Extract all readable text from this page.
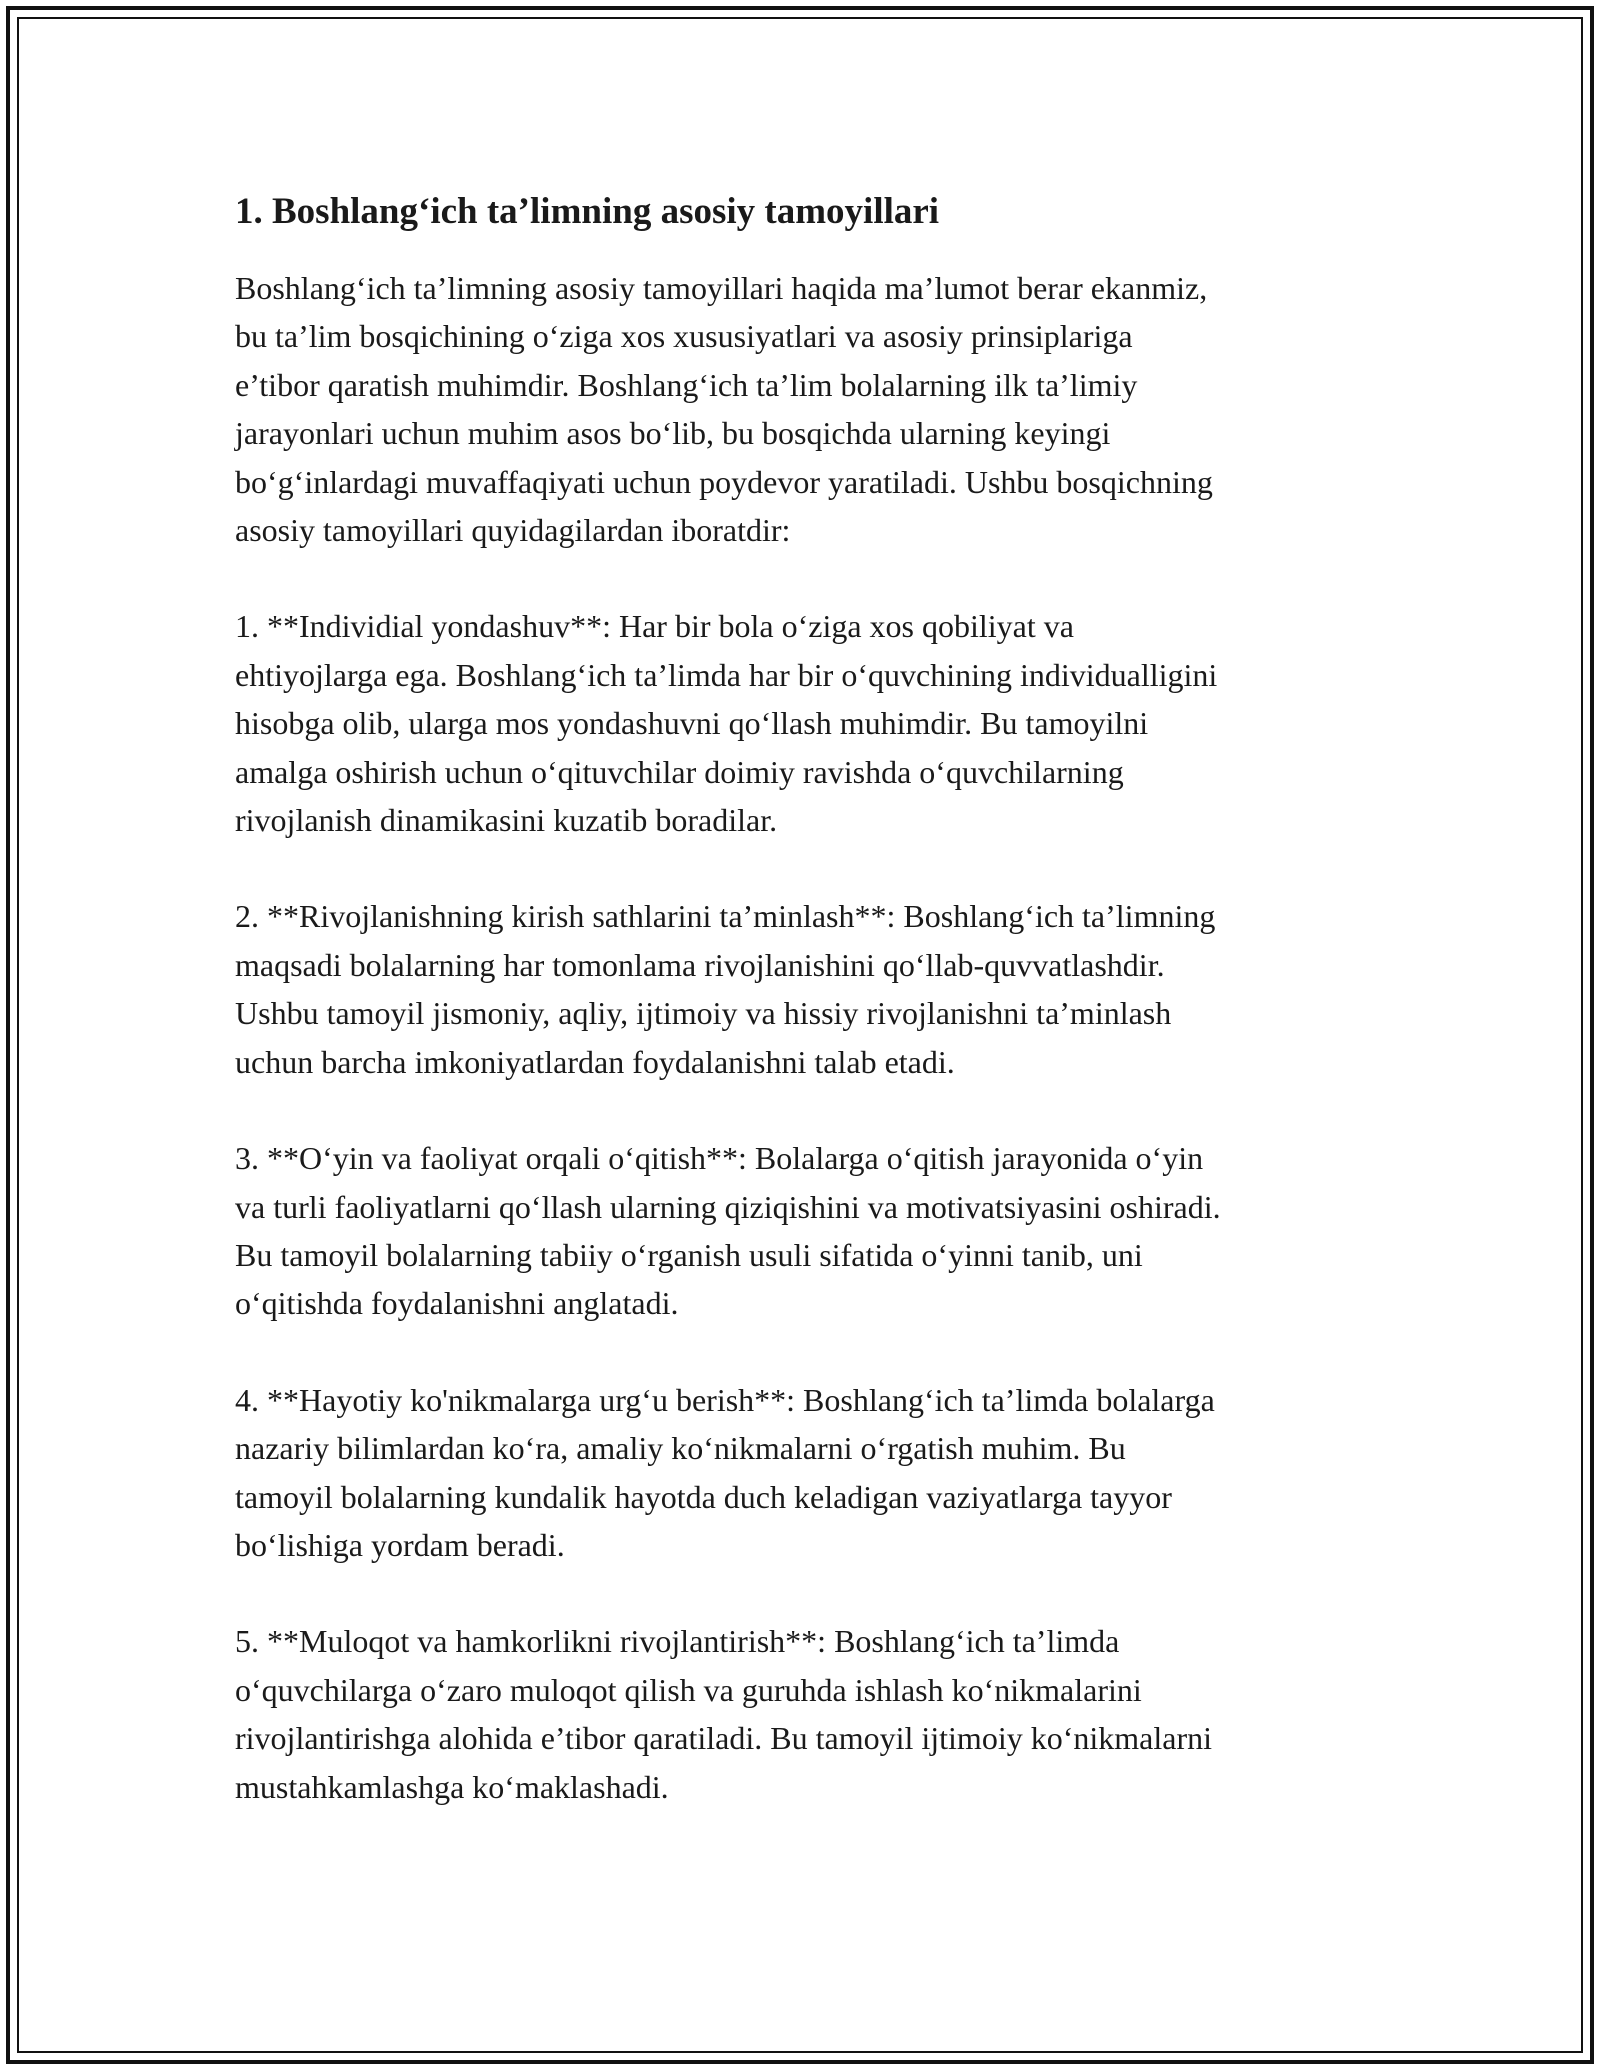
1. Boshlang‘ich ta’limning asosiy tamoyillari

Boshlang‘ich ta’limning asosiy tamoyillari haqida ma’lumot berar ekanmiz,
bu ta’lim bosqichining o‘ziga xos xususiyatlari va asosiy prinsiplariga
e’tibor qaratish muhimdir. Boshlang‘ich ta’lim bolalarning ilk ta’limiy
jarayonlari uchun muhim asos bo‘lib, bu bosqichda ularning keyingi
bo‘g‘inlardagi muvaffaqiyati uchun poydevor yaratiladi. Ushbu bosqichning
asosiy tamoyillari quyidagilardan iboratdir:

1. **Individial yondashuv**: Har bir bola o‘ziga xos qobiliyat va
ehtiyojlarga ega. Boshlang‘ich ta’limda har bir o‘quvchining individualligini
hisobga olib, ularga mos yondashuvni qo‘llash muhimdir. Bu tamoyilni
amalga oshirish uchun o‘qituvchilar doimiy ravishda o‘quvchilarning
rivojlanish dinamikasini kuzatib boradilar.

2. **Rivojlanishning kirish sathlarini ta’minlash**: Boshlang‘ich ta’limning
maqsadi bolalarning har tomonlama rivojlanishini qo‘llab-quvvatlashdir.
Ushbu tamoyil jismoniy, aqliy, ijtimoiy va hissiy rivojlanishni ta’minlash
uchun barcha imkoniyatlardan foydalanishni talab etadi.

3. **O‘yin va faoliyat orqali o‘qitish**: Bolalarga o‘qitish jarayonida o‘yin
va turli faoliyatlarni qo‘llash ularning qiziqishini va motivatsiyasini oshiradi.
Bu tamoyil bolalarning tabiiy o‘rganish usuli sifatida o‘yinni tanib, uni
o‘qitishda foydalanishni anglatadi.

4. **Hayotiy ko'nikmalarga urg‘u berish**: Boshlang‘ich ta’limda bolalarga
nazariy bilimlardan ko‘ra, amaliy ko‘nikmalarni o‘rgatish muhim. Bu
tamoyil bolalarning kundalik hayotda duch keladigan vaziyatlarga tayyor
bo‘lishiga yordam beradi.

5. **Muloqot va hamkorlikni rivojlantirish**: Boshlang‘ich ta’limda
o‘quvchilarga o‘zaro muloqot qilish va guruhda ishlash ko‘nikmalarini
rivojlantirishga alohida e’tibor qaratiladi. Bu tamoyil ijtimoiy ko‘nikmalarni
mustahkamlashga ko‘maklashadi.
